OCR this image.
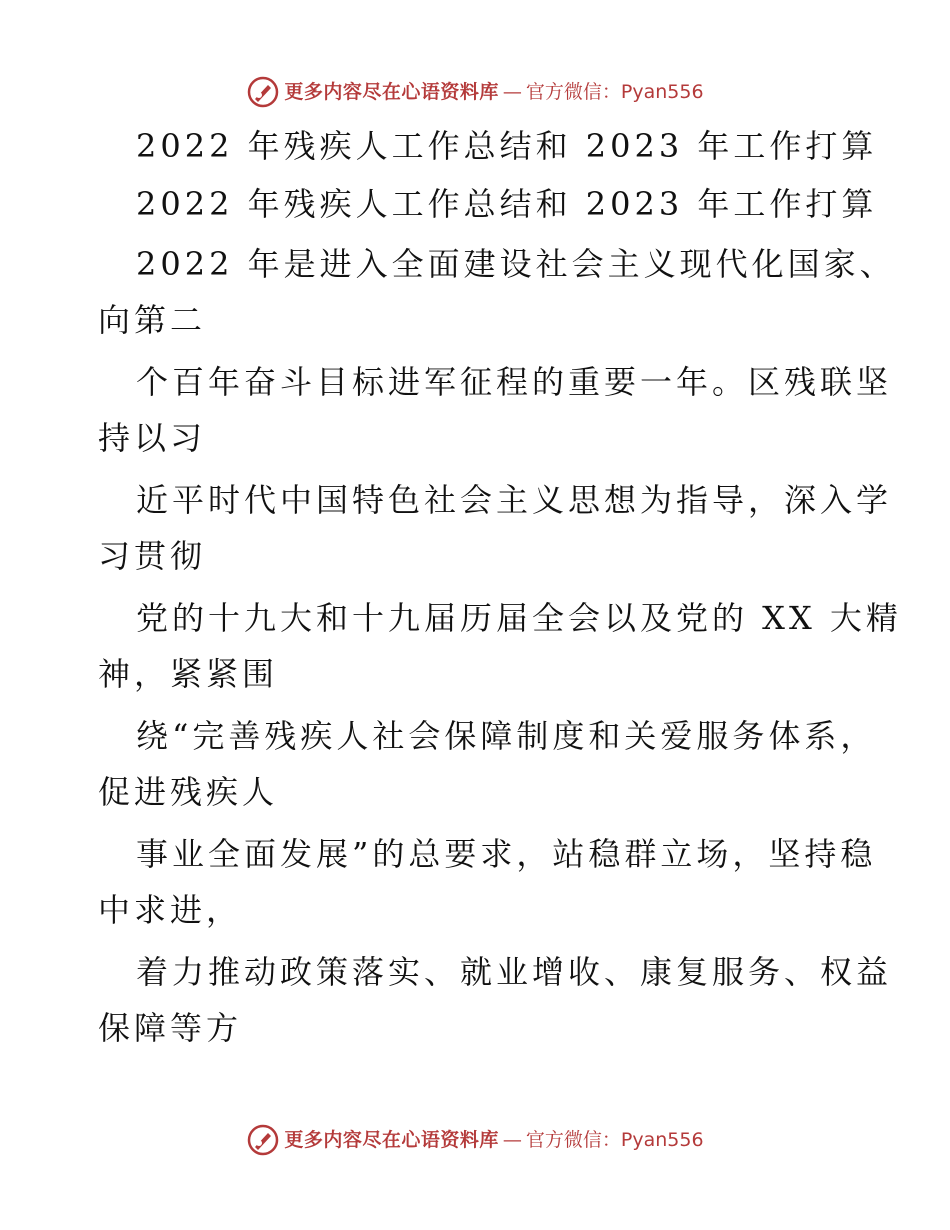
更多内容尽在心语资料库 — 官方微信：Pyan556
2022 年残疾人工作总结和 2023 年工作打算
2022 年残疾人工作总结和 2023 年工作打算
2022 年是进入全面建设社会主义现代化国家、
向第二
个百年奋斗目标进军征程的重要一年。区残联坚
持以习
近平时代中国特色社会主义思想为指导，深入学
习贯彻
党的十九大和十九届历届全会以及党的 XX 大精
神，紧紧围
绕“完善残疾人社会保障制度和关爱服务体系，
促进残疾人
事业全面发展”的总要求，站稳群立场，坚持稳
中求进，
着力推动政策落实、就业增收、康复服务、权益
保障等方
更多内容尽在心语资料库 — 官方微信：Pyan556
